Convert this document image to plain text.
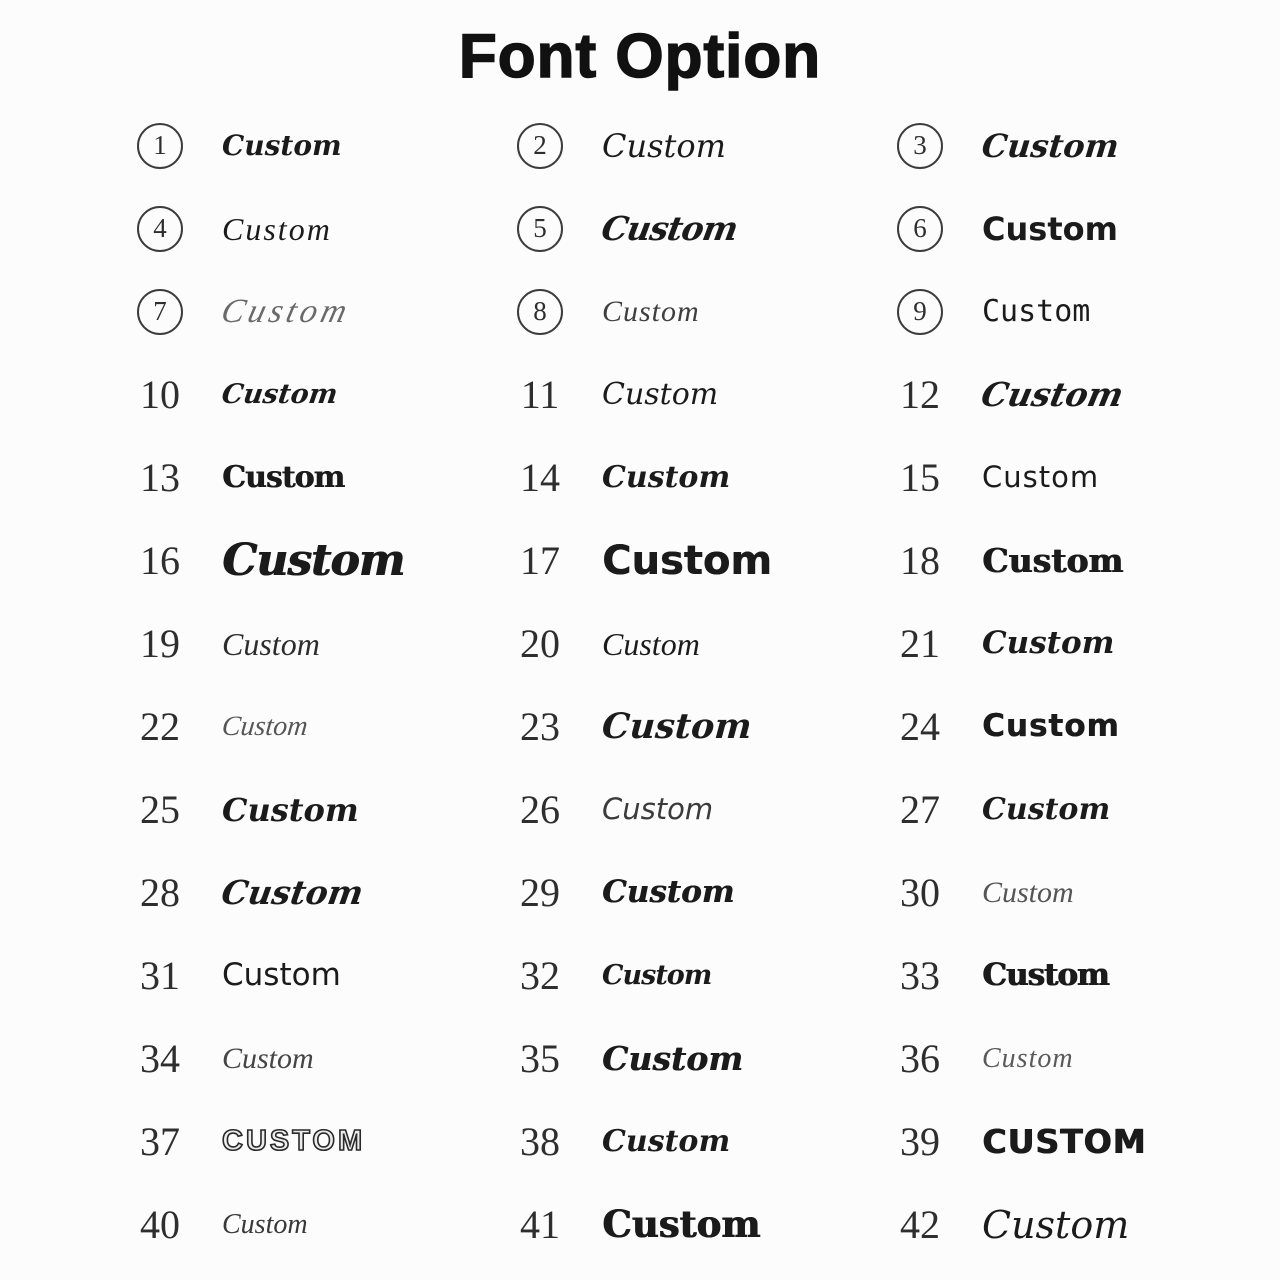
Font Option
1	Custom	2	Custom	3	Custom
4	Custom	5	Custom	6	Custom
7	Custom	8	Custom	9	Custom
10	Custom	11	Custom	12	Custom
13	Custom	14	Custom	15	Custom
16 Custom	17	Custom	18	Custom
19	Custom	20	Custom	21	Custom
22	Custom	23	Custom	24	Custom
25	Custom	26	Custom	27	Custom
28	Custom	29	Custom	30	Custom
31	Custom	32	Custom	33	Custom
34	Custom	35	Custom	36	Custom
37	CUSTOM	38	Custom	39	CUSTOM
40	Custom	41	Custom	42	Custom
